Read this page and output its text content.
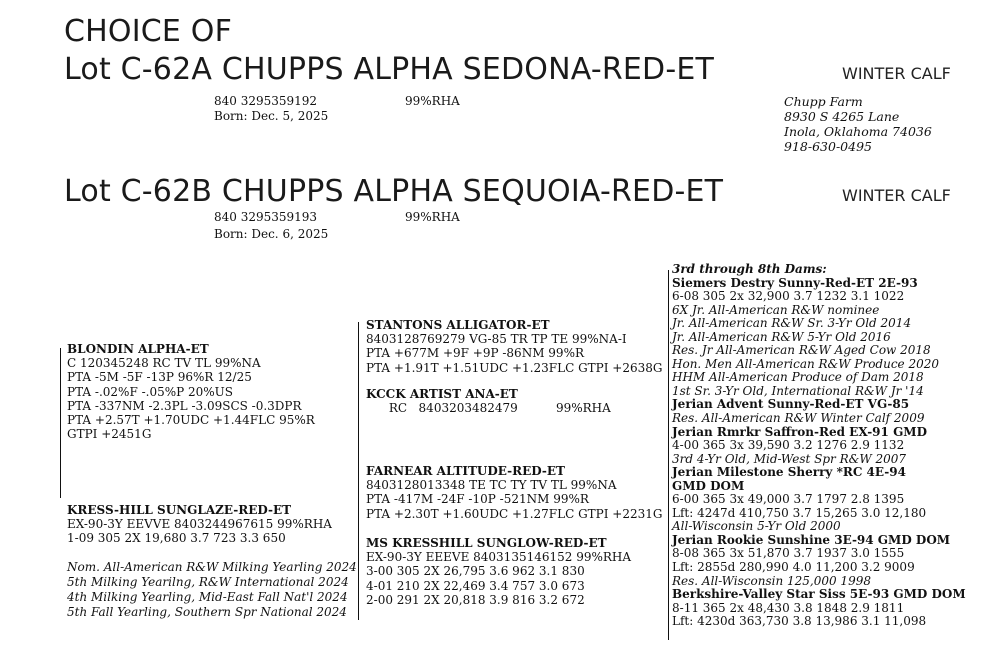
CHOICE OF
Lot C-62A CHUPPS ALPHA SEDONA-RED-ET	WINTER CALF
840 3295359192	99%RHA
Born: Dec. 5, 2025
Chupp Farm
8930 S 4265 Lane
Inola, Oklahoma 74036
918-630-0495
Lot C-62B CHUPPS ALPHA SEQUOIA-RED-ET	WINTER CALF
840 3295359193	99%RHA
Born: Dec. 6, 2025
BLONDIN ALPHA-ET
C 120345248 RC TV TL 99%NA
PTA -5M -5F -13P 96%R 12/25
PTA -.02%F -.05%P 20%US
PTA -337NM -2.3PL -3.09SCS -0.3DPR
PTA +2.57T +1.70UDC +1.44FLC 95%R
GTPI +2451G
KRESS-HILL SUNGLAZE-RED-ET
EX-90-3Y EEVVE 8403244967615 99%RHA
1-09 305 2X 19,680 3.7 723 3.3 650
Nom. All-American R&W Milking Yearling 2024
5th Milking Yearilng, R&W International 2024
4th Milking Yearling, Mid-East Fall Nat'l 2024
5th Fall Yearling, Southern Spr National 2024
STANTONS ALLIGATOR-ET
8403128769279 VG-85 TR TP TE 99%NA-I
PTA +677M +9F +9P -86NM 99%R
PTA +1.91T +1.51UDC +1.23FLC GTPI +2638G
KCCK ARTIST ANA-ET
RC   8403203482479          99%RHA
FARNEAR ALTITUDE-RED-ET
8403128013348 TE TC TY TV TL 99%NA
PTA -417M -24F -10P -521NM 99%R
PTA +2.30T +1.60UDC +1.27FLC GTPI +2231G
MS KRESSHILL SUNGLOW-RED-ET
EX-90-3Y EEEVE 8403135146152 99%RHA
3-00 305 2X 26,795 3.6 962 3.1 830
4-01 210 2X 22,469 3.4 757 3.0 673
2-00 291 2X 20,818 3.9 816 3.2 672
3rd through 8th Dams:
Siemers Destry Sunny-Red-ET 2E-93
6-08 305 2x 32,900 3.7 1232 3.1 1022
6X Jr. All-American R&W nominee
Jr. All-American R&W Sr. 3-Yr Old 2014
Jr. All-American R&W 5-Yr Old 2016
Res. Jr All-American R&W Aged Cow 2018
Hon. Men All-American R&W Produce 2020
HHM All-American Produce of Dam 2018
1st Sr. 3-Yr Old, International R&W Jr '14
Jerian Advent Sunny-Red-ET VG-85
Res. All-American R&W Winter Calf 2009
Jerian Rmrkr Saffron-Red EX-91 GMD
4-00 365 3x 39,590 3.2 1276 2.9 1132
3rd 4-Yr Old, Mid-West Spr R&W 2007
Jerian Milestone Sherry *RC 4E-94
GMD DOM
6-00 365 3x 49,000 3.7 1797 2.8 1395
Lft: 4247d 410,750 3.7 15,265 3.0 12,180
All-Wisconsin 5-Yr Old 2000
Jerian Rookie Sunshine 3E-94 GMD DOM
8-08 365 3x 51,870 3.7 1937 3.0 1555
Lft: 2855d 280,990 4.0 11,200 3.2 9009
Res. All-Wisconsin 125,000 1998
Berkshire-Valley Star Siss 5E-93 GMD DOM
8-11 365 2x 48,430 3.8 1848 2.9 1811
Lft: 4230d 363,730 3.8 13,986 3.1 11,098
